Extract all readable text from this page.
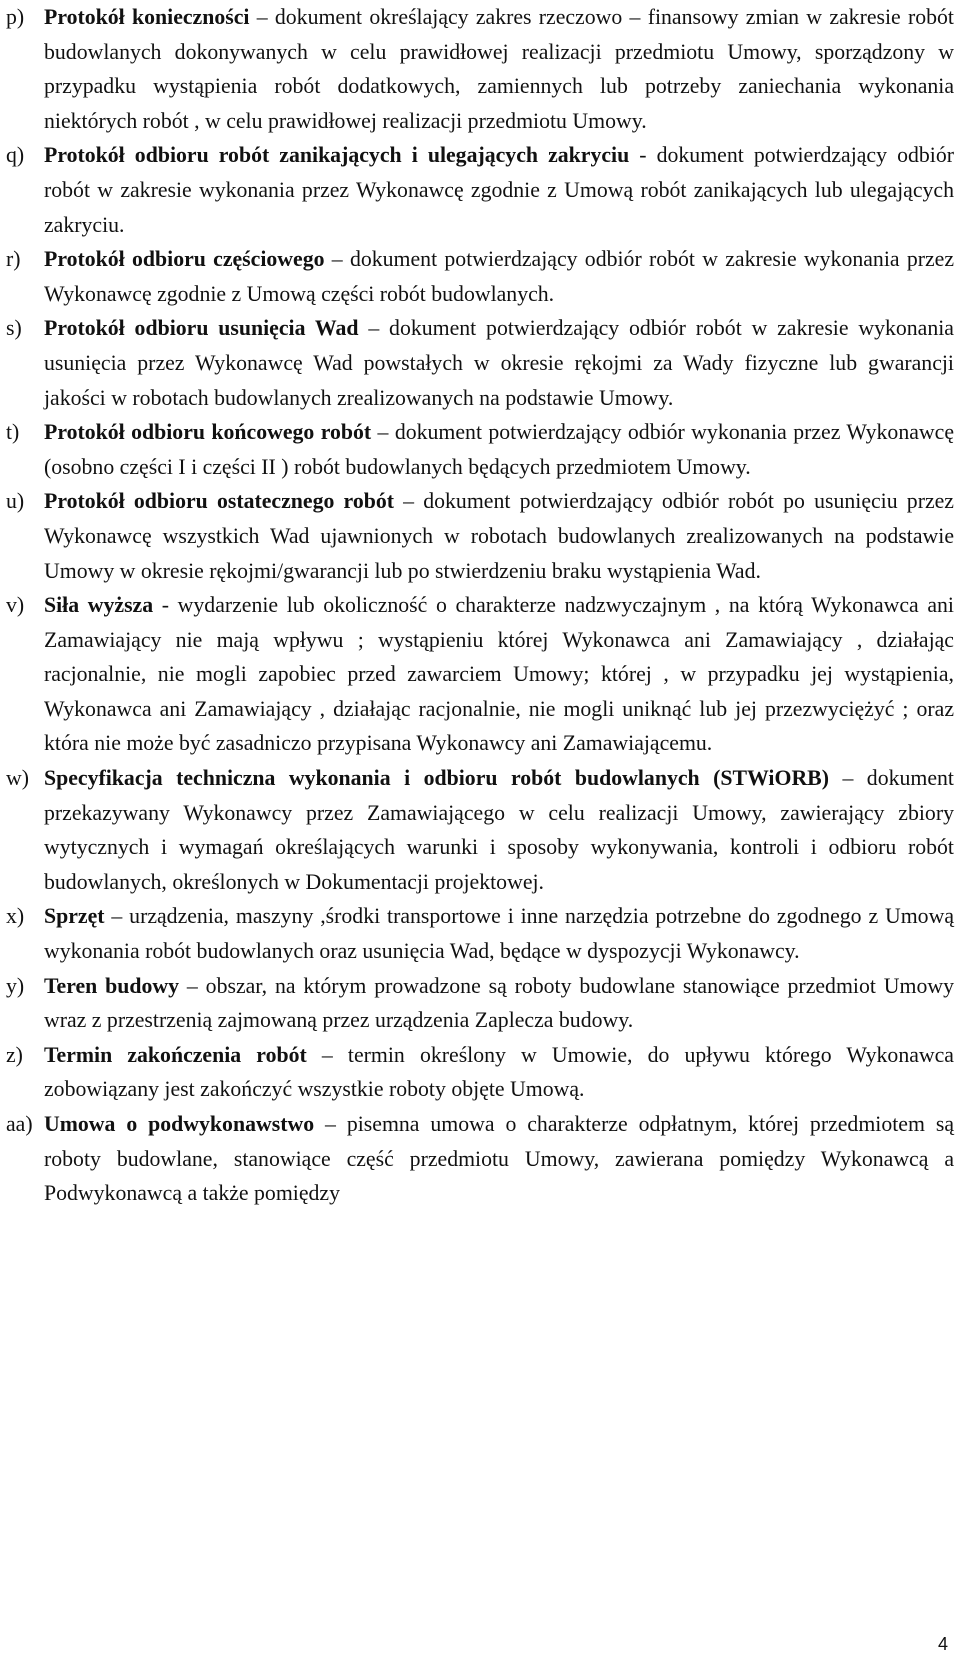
p) Protokół konieczności – dokument określający zakres rzeczowo – finansowy zmian w zakresie robót budowlanych dokonywanych w celu prawidłowej realizacji przedmiotu Umowy, sporządzony w przypadku wystąpienia robót dodatkowych, zamiennych lub potrzeby zaniechania wykonania niektórych robót , w celu prawidłowej realizacji przedmiotu Umowy.
q) Protokół odbioru robót zanikających i ulegających zakryciu - dokument potwierdzający odbiór robót w zakresie wykonania przez Wykonawcę zgodnie z Umową robót zanikających lub ulegających zakryciu.
r) Protokół odbioru częściowego – dokument potwierdzający odbiór robót w zakresie wykonania przez Wykonawcę zgodnie z Umową części robót budowlanych.
s) Protokół odbioru usunięcia Wad – dokument potwierdzający odbiór robót w zakresie wykonania usunięcia przez Wykonawcę Wad powstałych w okresie rękojmi za Wady fizyczne lub gwarancji jakości w robotach budowlanych zrealizowanych na podstawie Umowy.
t) Protokół odbioru końcowego robót – dokument potwierdzający odbiór wykonania przez Wykonawcę (osobno części I i części II ) robót budowlanych będących przedmiotem Umowy.
u) Protokół odbioru ostatecznego robót – dokument potwierdzający odbiór robót po usunięciu przez Wykonawcę wszystkich Wad ujawnionych w robotach budowlanych zrealizowanych na podstawie Umowy w okresie rękojmi/gwarancji lub po stwierdzeniu braku wystąpienia Wad.
v) Siła wyższa - wydarzenie lub okoliczność o charakterze nadzwyczajnym , na którą Wykonawca ani Zamawiający nie mają wpływu ; wystąpieniu której Wykonawca ani Zamawiający , działając racjonalnie, nie mogli zapobiec przed zawarciem Umowy; której , w przypadku jej wystąpienia, Wykonawca ani Zamawiający , działając racjonalnie, nie mogli uniknąć lub jej przezwyciężyć ; oraz która nie może być zasadniczo przypisana Wykonawcy ani Zamawiającemu.
w) Specyfikacja techniczna wykonania i odbioru robót budowlanych (STWiORB) – dokument przekazywany Wykonawcy przez Zamawiającego w celu realizacji Umowy, zawierający zbiory wytycznych i wymagań określających warunki i sposoby wykonywania, kontroli i odbioru robót budowlanych, określonych w Dokumentacji projektowej.
x) Sprzęt – urządzenia, maszyny ,środki transportowe i inne narzędzia potrzebne do zgodnego z Umową wykonania robót budowlanych oraz usunięcia Wad, będące w dyspozycji Wykonawcy.
y) Teren budowy – obszar, na którym prowadzone są roboty budowlane stanowiące przedmiot Umowy wraz z przestrzenią zajmowaną przez urządzenia Zaplecza budowy.
z) Termin zakończenia robót – termin określony w Umowie, do upływu którego Wykonawca zobowiązany jest zakończyć wszystkie roboty objęte Umową.
aa) Umowa o podwykonawstwo – pisemna umowa o charakterze odpłatnym, której przedmiotem są roboty budowlane, stanowiące część przedmiotu Umowy, zawierana pomiędzy Wykonawcą a Podwykonawcą a także pomiędzy
4
